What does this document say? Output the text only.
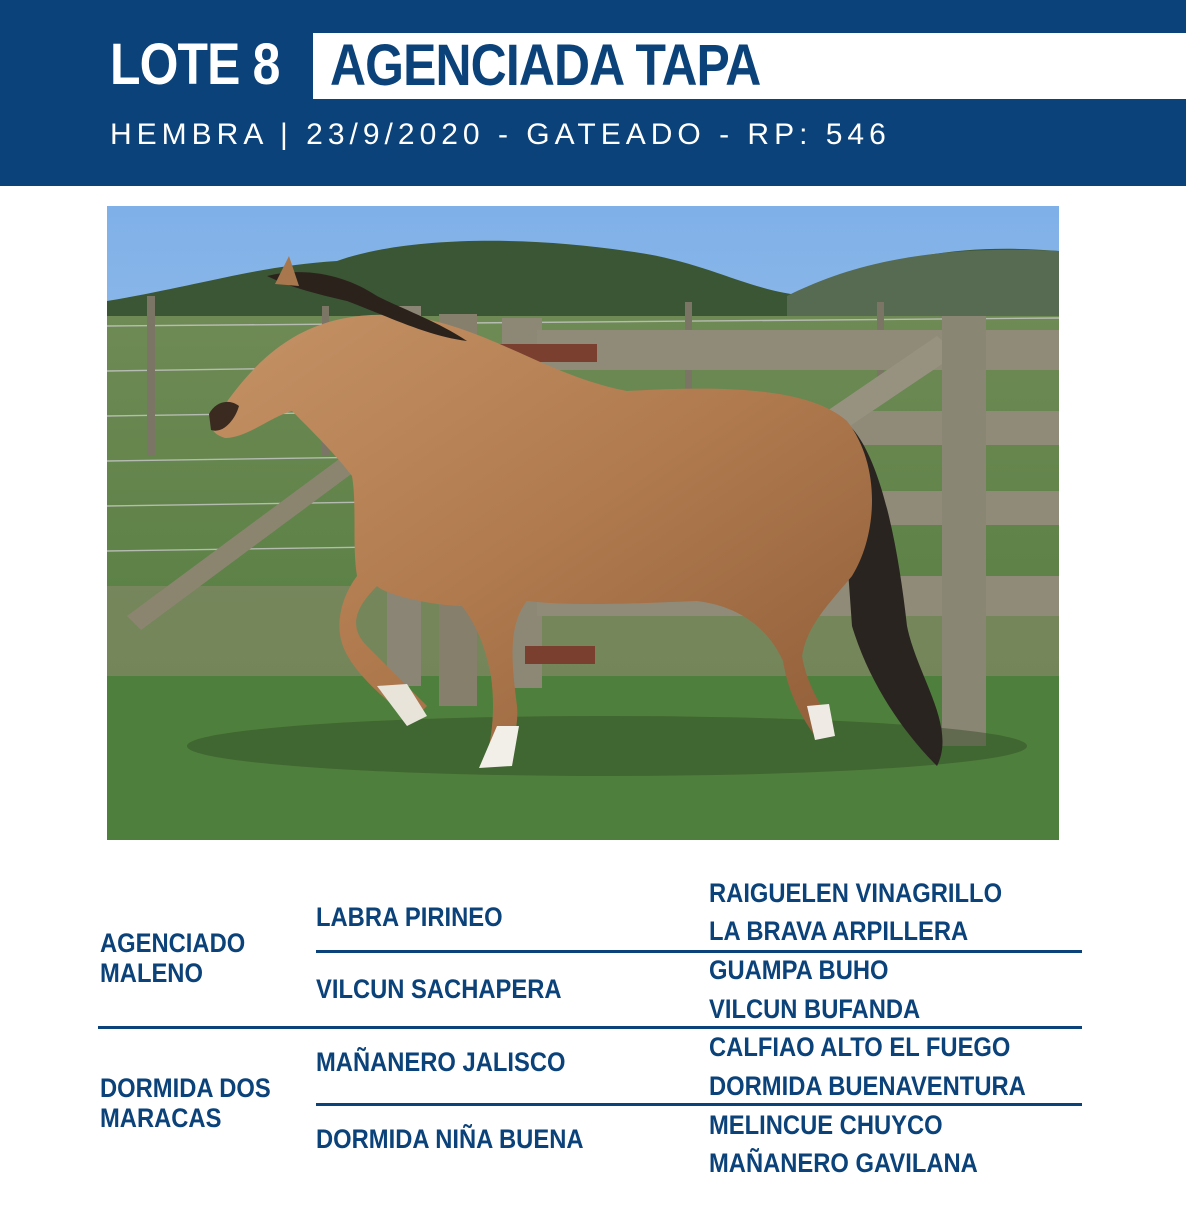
LOTE 8 AGENCIADA TAPA
HEMBRA | 23/9/2020 - GATEADO - RP: 546
AGENCIADO
MALENO
DORMIDA DOS
MARACAS
LABRA PIRINEO
VILCUN SACHAPERA
MAÑANERO JALISCO
DORMIDA NIÑA BUENA
RAIGUELEN VINAGRILLO
LA BRAVA ARPILLERA
GUAMPA BUHO
VILCUN BUFANDA
CALFIAO ALTO EL FUEGO
DORMIDA BUENAVENTURA
MELINCUE CHUYCO
MAÑANERO GAVILANA
